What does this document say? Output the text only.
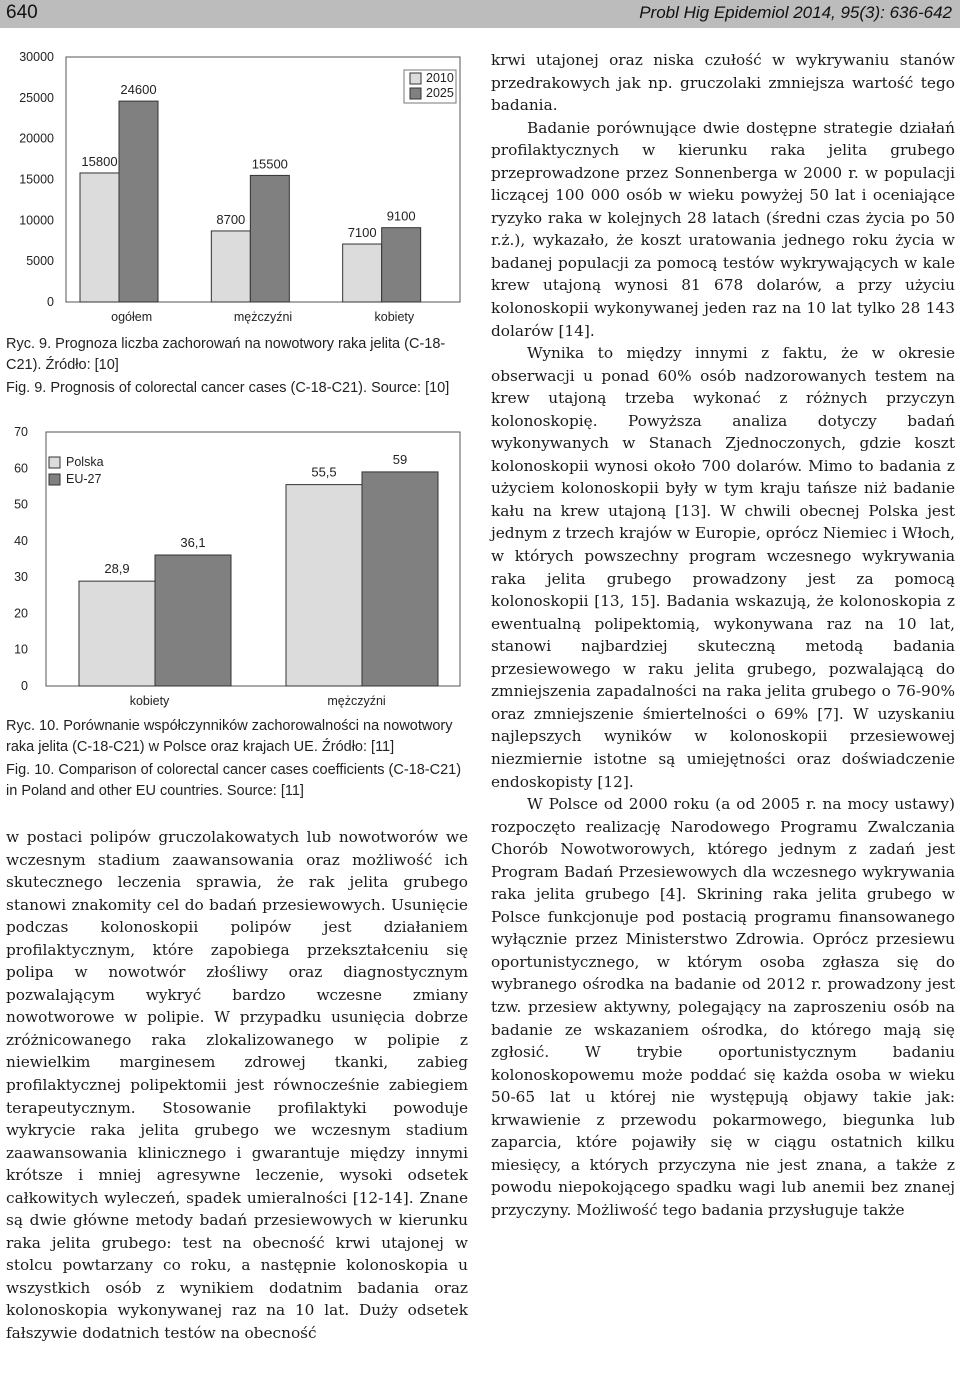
640	Probl Hig Epidemiol 2014, 95(3): 636-642
0
5000
10000
15000
20000
25000
30000
15800
24600
ogółem
8700
15500
mężczyźni
7100
9100
kobiety
2010
2025
Ryc. 9. Prognoza liczba zachorowań na nowotwory raka jelita (C-18-C21). Źródło: [10]
Fig. 9. Prognosis of colorectal cancer cases (C-18-C21). Source: [10]
0
10
20
30
40
50
60
70
28,9
36,1
kobiety
55,5
59
mężczyźni
Polska
EU-27
Ryc. 10. Porównanie współczynników zachorowalności na nowotwory raka jelita (C-18-C21) w Polsce oraz krajach UE. Źródło: [11]
Fig. 10. Comparison of colorectal cancer cases coefficients (C-18-C21) in Poland and other EU countries. Source: [11]

w postaci polipów gruczolakowatych lub nowotworów we wczesnym stadium zaawansowania oraz możliwość ich skutecznego leczenia sprawia, że rak jelita grubego stanowi znakomity cel do badań przesiewowych. Usunięcie podczas kolonoskopii polipów jest działaniem profilaktycznym, które zapobiega przekształceniu się polipa w nowotwór złośliwy oraz diagnostycznym pozwalającym wykryć bardzo wczesne zmiany nowotworowe w polipie. W przypadku usunięcia dobrze zróżnicowanego raka zlokalizowanego w polipie z niewielkim marginesem zdrowej tkanki, zabieg profilaktycznej polipektomii jest równocześnie zabiegiem terapeutycznym. Stosowanie profilaktyki powoduje wykrycie raka jelita grubego we wczesnym stadium zaawansowania klinicznego i gwarantuje między innymi krótsze i mniej agresywne leczenie, wysoki odsetek całkowitych wyleczeń, spadek umieralności [12-14]. Znane są dwie główne metody badań przesiewowych w kierunku raka jelita grubego: test na obecność krwi utajonej w stolcu powtarzany co roku, a następnie kolonoskopia u wszystkich osób z wynikiem dodatnim badania oraz kolonoskopia wykonywanej raz na 10 lat. Duży odsetek fałszywie dodatnich testów na obecność

krwi utajonej oraz niska czułość w wykrywaniu stanów przedrakowych jak np. gruczolaki zmniejsza wartość tego badania.

Badanie porównujące dwie dostępne strategie działań profilaktycznych w kierunku raka jelita grubego przeprowadzone przez Sonnenberga w 2000 r. w populacji liczącej 100 000 osób w wieku powyżej 50 lat i oceniające ryzyko raka w kolejnych 28 latach (średni czas życia po 50 r.ż.), wykazało, że koszt uratowania jednego roku życia w badanej populacji za pomocą testów wykrywających w kale krew utajoną wynosi 81 678 dolarów, a przy użyciu kolonoskopii wykonywanej jeden raz na 10 lat tylko 28 143 dolarów [14].

Wynika to między innymi z faktu, że w okresie obserwacji u ponad 60% osób nadzorowanych testem na krew utajoną trzeba wykonać z różnych przyczyn kolonoskopię. Powyższa analiza dotyczy badań wykonywanych w Stanach Zjednoczonych, gdzie koszt kolonoskopii wynosi około 700 dolarów. Mimo to badania z użyciem kolonoskopii były w tym kraju tańsze niż badanie kału na krew utajoną [13]. W chwili obecnej Polska jest jednym z trzech krajów w Europie, oprócz Niemiec i Włoch, w których powszechny program wczesnego wykrywania raka jelita grubego prowadzony jest za pomocą kolonoskopii [13, 15]. Badania wskazują, że kolonoskopia z ewentualną polipektomią, wykonywana raz na 10 lat, stanowi najbardziej skuteczną metodą badania przesiewowego w raku jelita grubego, pozwalającą do zmniejszenia zapadalności na raka jelita grubego o 76-90% oraz zmniejszenie śmiertelności o 69% [7]. W uzyskaniu najlepszych wyników w kolonoskopii przesiewowej niezmiernie istotne są umiejętności oraz doświadczenie endoskopisty [12].

W Polsce od 2000 roku (a od 2005 r. na mocy ustawy) rozpoczęto realizację Narodowego Programu Zwalczania Chorób Nowotworowych, którego jednym z zadań jest Program Badań Przesiewowych dla wczesnego wykrywania raka jelita grubego [4]. Skrining raka jelita grubego w Polsce funkcjonuje pod postacią programu finansowanego wyłącznie przez Ministerstwo Zdrowia. Oprócz przesiewu oportunistycznego, w którym osoba zgłasza się do wybranego ośrodka na badanie od 2012 r. prowadzony jest tzw. przesiew aktywny, polegający na zaproszeniu osób na badanie ze wskazaniem ośrodka, do którego mają się zgłosić. W trybie oportunistycznym badaniu kolonoskopowemu może poddać się każda osoba w wieku 50-65 lat u której nie występują objawy takie jak: krwawienie z przewodu pokarmowego, biegunka lub zaparcia, które pojawiły się w ciągu ostatnich kilku miesięcy, a których przyczyna nie jest znana, a także z powodu niepokojącego spadku wagi lub anemii bez znanej przyczyny. Możliwość tego badania przysługuje także
